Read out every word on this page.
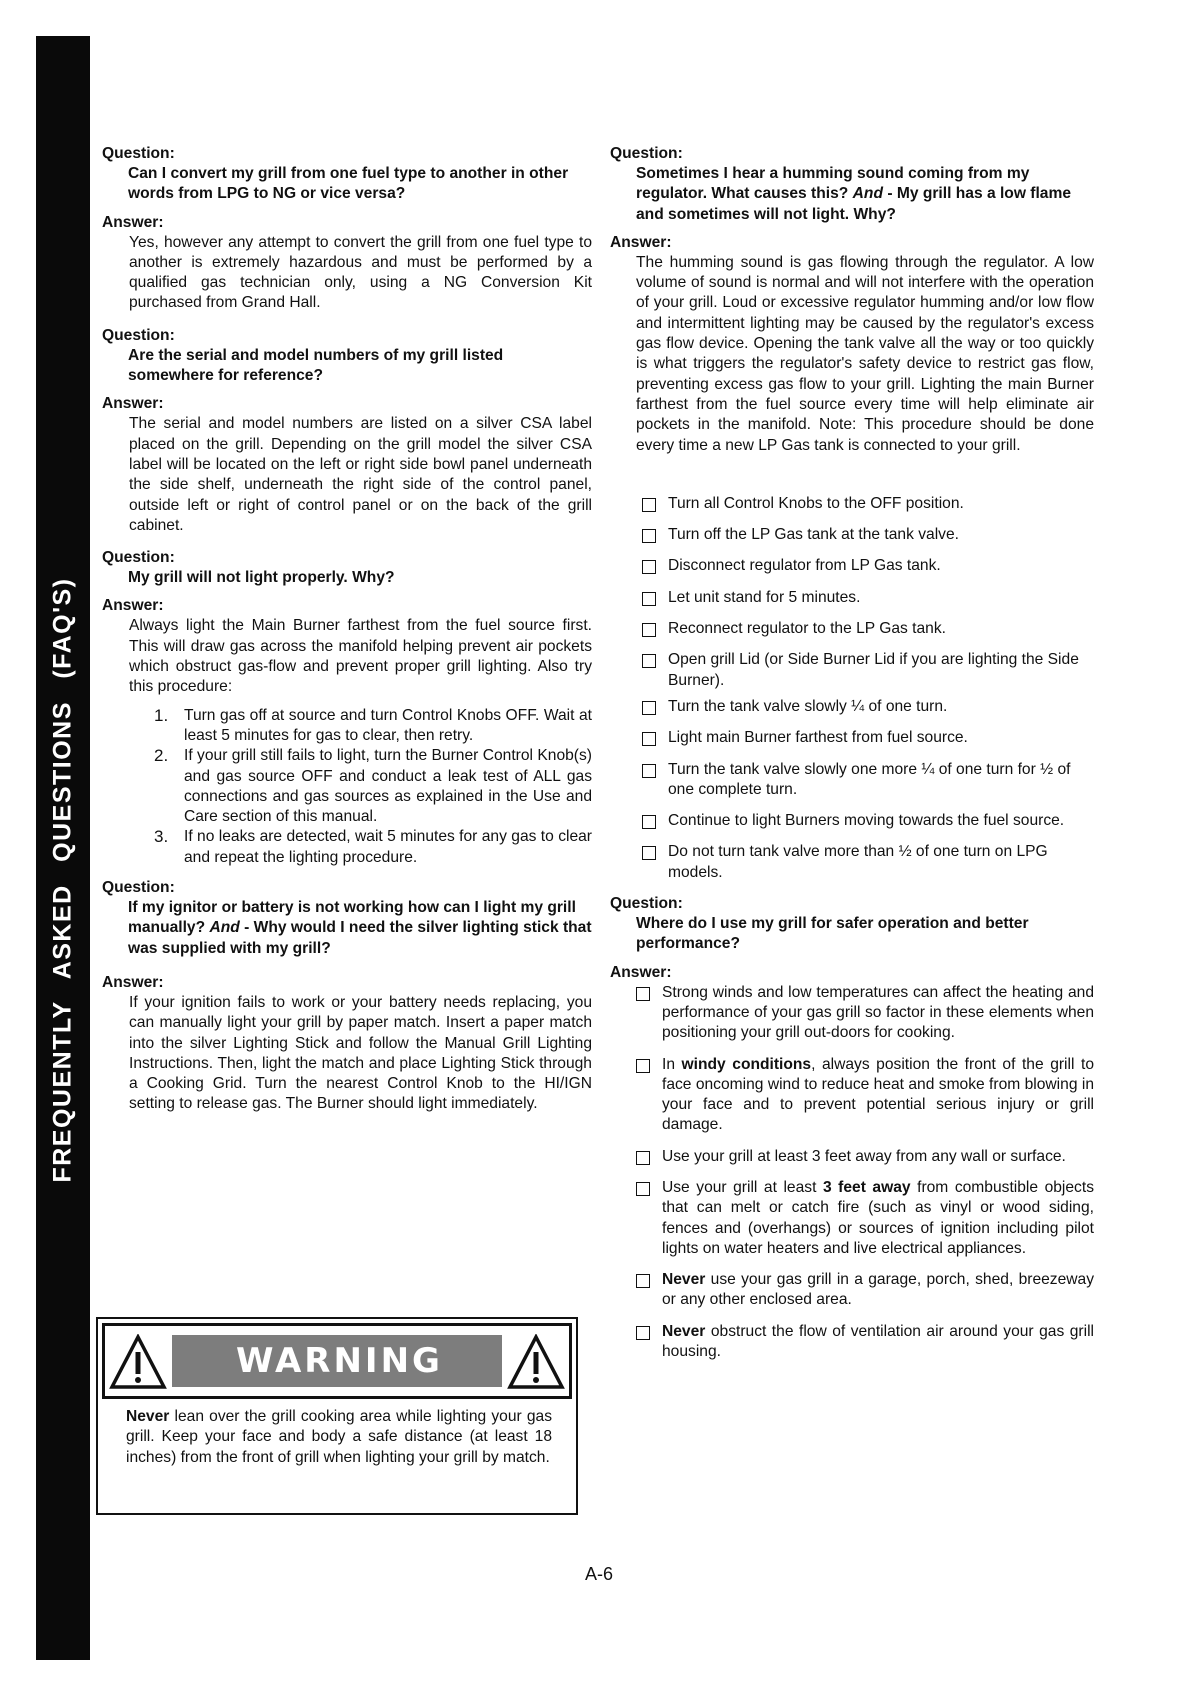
FREQUENTLY ASKED QUESTIONS (FAQ'S)
Question:
Can I convert my grill from one fuel type to another in other words from LPG to NG or vice versa?
Answer:
Yes, however any attempt to convert the grill from one fuel type to another is extremely hazardous and must be performed by a qualified gas technician only, using a NG Conversion Kit purchased from Grand Hall.
Question:
Are the serial and model numbers of my grill listed somewhere for reference?
Answer:
The serial and model numbers are listed on a silver CSA label placed on the grill. Depending on the grill model the silver CSA label will be located on the left or right side bowl panel underneath the side shelf, underneath the right side of the control panel, outside left or right of control panel or on the back of the grill cabinet.
Question:
My grill will not light properly. Why?
Answer:
Always light the Main Burner farthest from the fuel source first. This will draw gas across the manifold helping prevent air pockets which obstruct gas-flow and prevent proper grill lighting. Also try this procedure:
1.	Turn gas off at source and turn Control Knobs OFF. Wait at least 5 minutes for gas to clear, then retry.
2.	If your grill still fails to light, turn the Burner Control Knob(s) and gas source OFF and conduct a leak test of ALL gas connections and gas sources as explained in the Use and Care section of this manual.
3.	If no leaks are detected, wait 5 minutes for any gas to clear and repeat the lighting procedure.
Question:
If my ignitor or battery is not working how can I light my grill manually? And - Why would I need the silver lighting stick that was supplied with my grill?
Answer:
If your ignition fails to work or your battery needs replacing, you can manually light your grill by paper match. Insert a paper match into the silver Lighting Stick and follow the Manual Grill Lighting Instructions. Then, light the match and place Lighting Stick through a Cooking Grid. Turn the nearest Control Knob to the HI/IGN setting to release gas. The Burner should light immediately.
WARNING
Never lean over the grill cooking area while lighting your gas grill. Keep your face and body a safe distance (at least 18 inches) from the front of grill when lighting your grill by match.
Question:
Sometimes I hear a humming sound coming from my regulator. What causes this? And - My grill has a low flame and sometimes will not light. Why?
Answer:
The humming sound is gas flowing through the regulator. A low volume of sound is normal and will not interfere with the operation of your grill. Loud or excessive regulator humming and/or low flow and intermittent lighting may be caused by the regulator's excess gas flow device. Opening the tank valve all the way or too quickly is what triggers the regulator's safety device to restrict gas flow, preventing excess gas flow to your grill. Lighting the main Burner farthest from the fuel source every time will help eliminate air pockets in the manifold. Note: This procedure should be done every time a new LP Gas tank is connected to your grill.
Turn all Control Knobs to the OFF position.
Turn off the LP Gas tank at the tank valve.
Disconnect regulator from LP Gas tank.
Let unit stand for 5 minutes.
Reconnect regulator to the LP Gas tank.
Open grill Lid (or Side Burner Lid if you are lighting the Side Burner).
Turn the tank valve slowly ¼ of one turn.
Light main Burner farthest from fuel source.
Turn the tank valve slowly one more ¼ of one turn for ½ of one complete turn.
Continue to light Burners moving towards the fuel source.
Do not turn tank valve more than ½ of one turn on LPG models.
Question:
Where do I use my grill for safer operation and better performance?
Answer:
Strong winds and low temperatures can affect the heating and performance of your gas grill so factor in these elements when positioning your grill out-doors for cooking.
In windy conditions, always position the front of the grill to face oncoming wind to reduce heat and smoke from blowing in your face and to prevent potential serious injury or grill damage.
Use your grill at least 3 feet away from any wall or surface.
Use your grill at least 3 feet away from combustible objects that can melt or catch fire (such as vinyl or wood siding, fences and (overhangs) or sources of ignition including pilot lights on water heaters and live electrical appliances.
Never use your gas grill in a garage, porch, shed, breezeway or any other enclosed area.
Never obstruct the flow of ventilation air around your gas grill housing.
A-6
